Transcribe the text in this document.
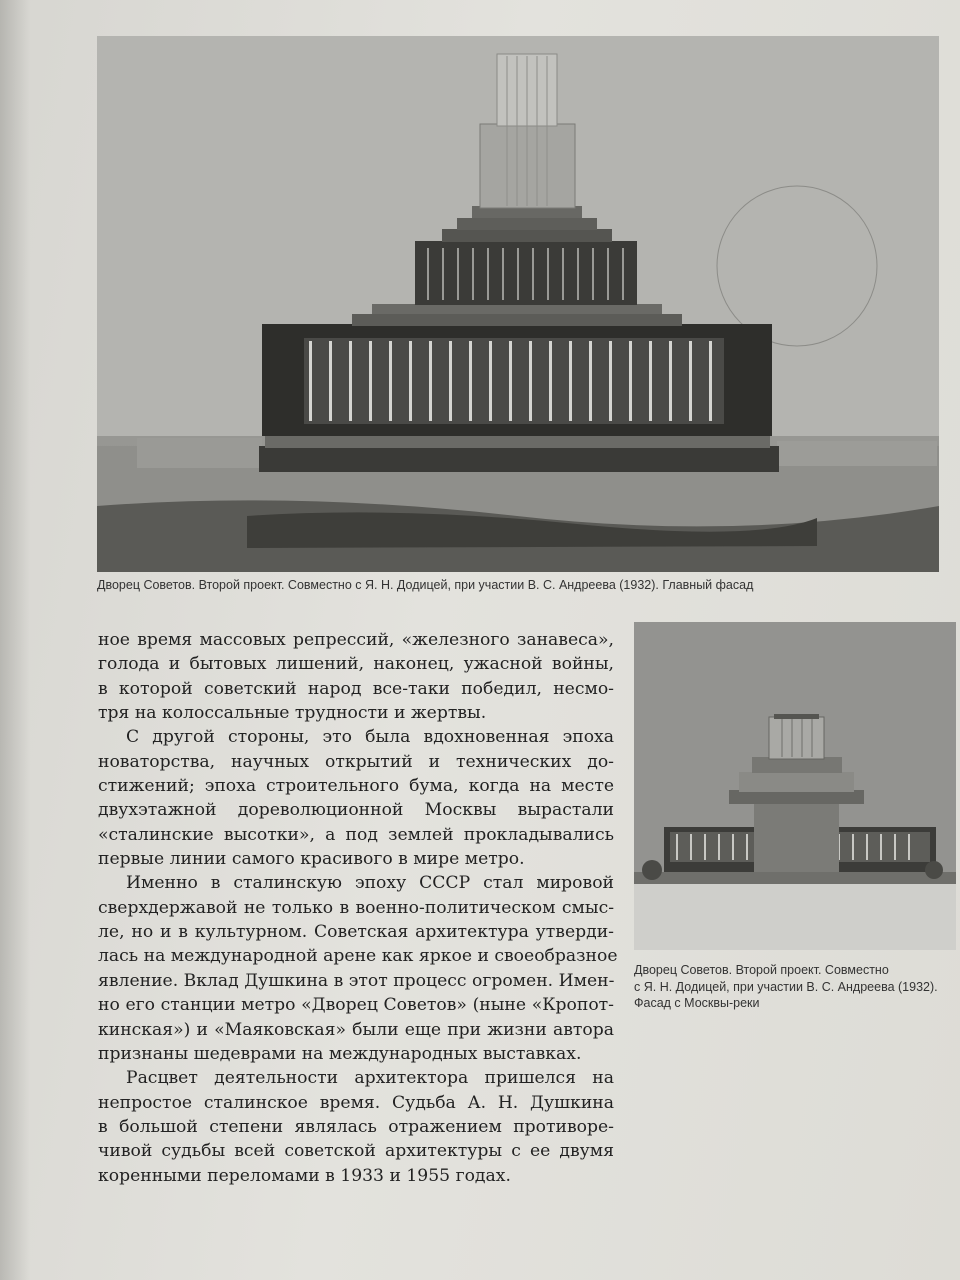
Дворец Советов. Второй проект. Совместно с Я. Н. Додицей, при участии В. С. Андреева (1932). Главный фасад
ное время массовых репрессий, «железного занавеса»,
голода и бытовых лишений, наконец, ужасной войны,
в которой советский народ все-таки победил, несмо-
тря на колоссальные трудности и жертвы.
С другой стороны, это была вдохновенная эпоха
новаторства, научных открытий и технических до-
стижений; эпоха строительного бума, когда на месте
двухэтажной дореволюционной Москвы вырастали
«сталинские высотки», а под землей прокладывались
первые линии самого красивого в мире метро.
Именно в сталинскую эпоху СССР стал мировой
сверхдержавой не только в военно-политическом смыс-
ле, но и в культурном. Советская архитектура утверди-
лась на международной арене как яркое и своеобразное
явление. Вклад Душкина в этот процесс огромен. Имен-
но его станции метро «Дворец Советов» (ныне «Кропот-
кинская») и «Маяковская» были еще при жизни автора
признаны шедеврами на международных выставках.
Расцвет деятельности архитектора пришелся на
непростое сталинское время. Судьба А. Н. Душкина
в большой степени являлась отражением противоре-
чивой судьбы всей советской архитектуры с ее двумя
коренными переломами в 1933 и 1955 годах.
Дворец Советов. Второй проект. Совместно
с Я. Н. Додицей, при участии В. С. Андреева (1932).
Фасад с Москвы-реки
